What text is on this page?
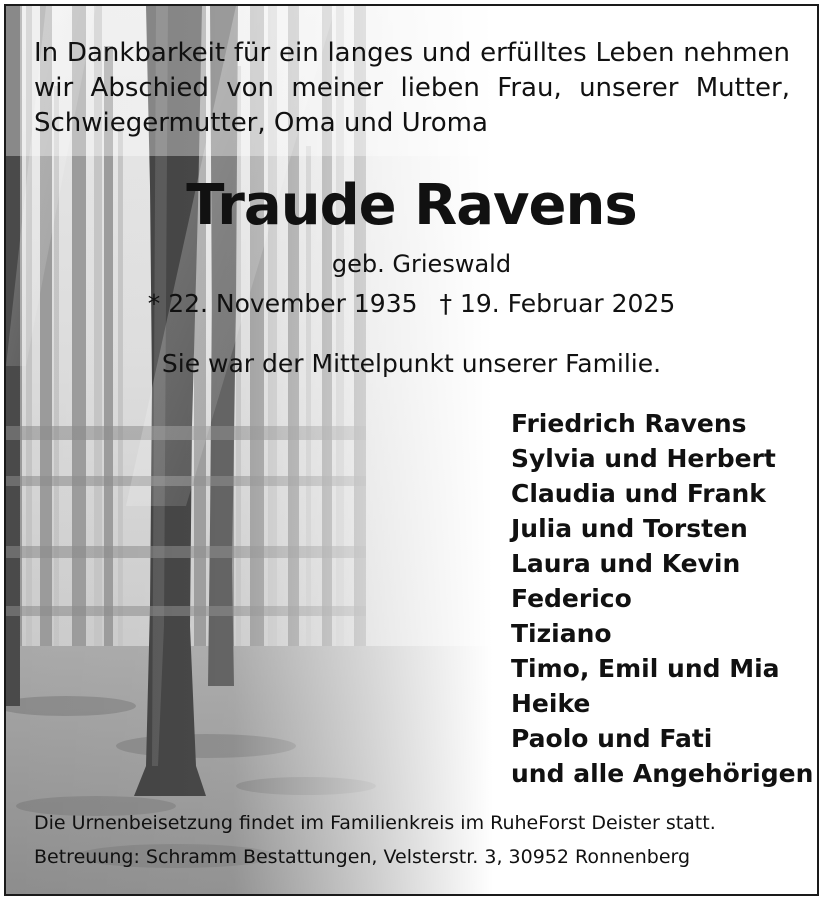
In Dankbarkeit für ein langes und erfülltes Leben nehmen
wir Abschied von meiner lieben Frau, unserer Mutter,
Schwiegermutter, Oma und Uroma
Traude Ravens
geb. Grieswald
* 22. November 1935 † 19. Februar 2025
Sie war der Mittelpunkt unserer Familie.
Friedrich Ravens
Sylvia und Herbert
Claudia und Frank
Julia und Torsten
Laura und Kevin
Federico
Tiziano
Timo, Emil und Mia
Heike
Paolo und Fati
und alle Angehörigen
Die Urnenbeisetzung findet im Familienkreis im RuheForst Deister statt.
Betreuung: Schramm Bestattungen, Velsterstr. 3, 30952 Ronnenberg
